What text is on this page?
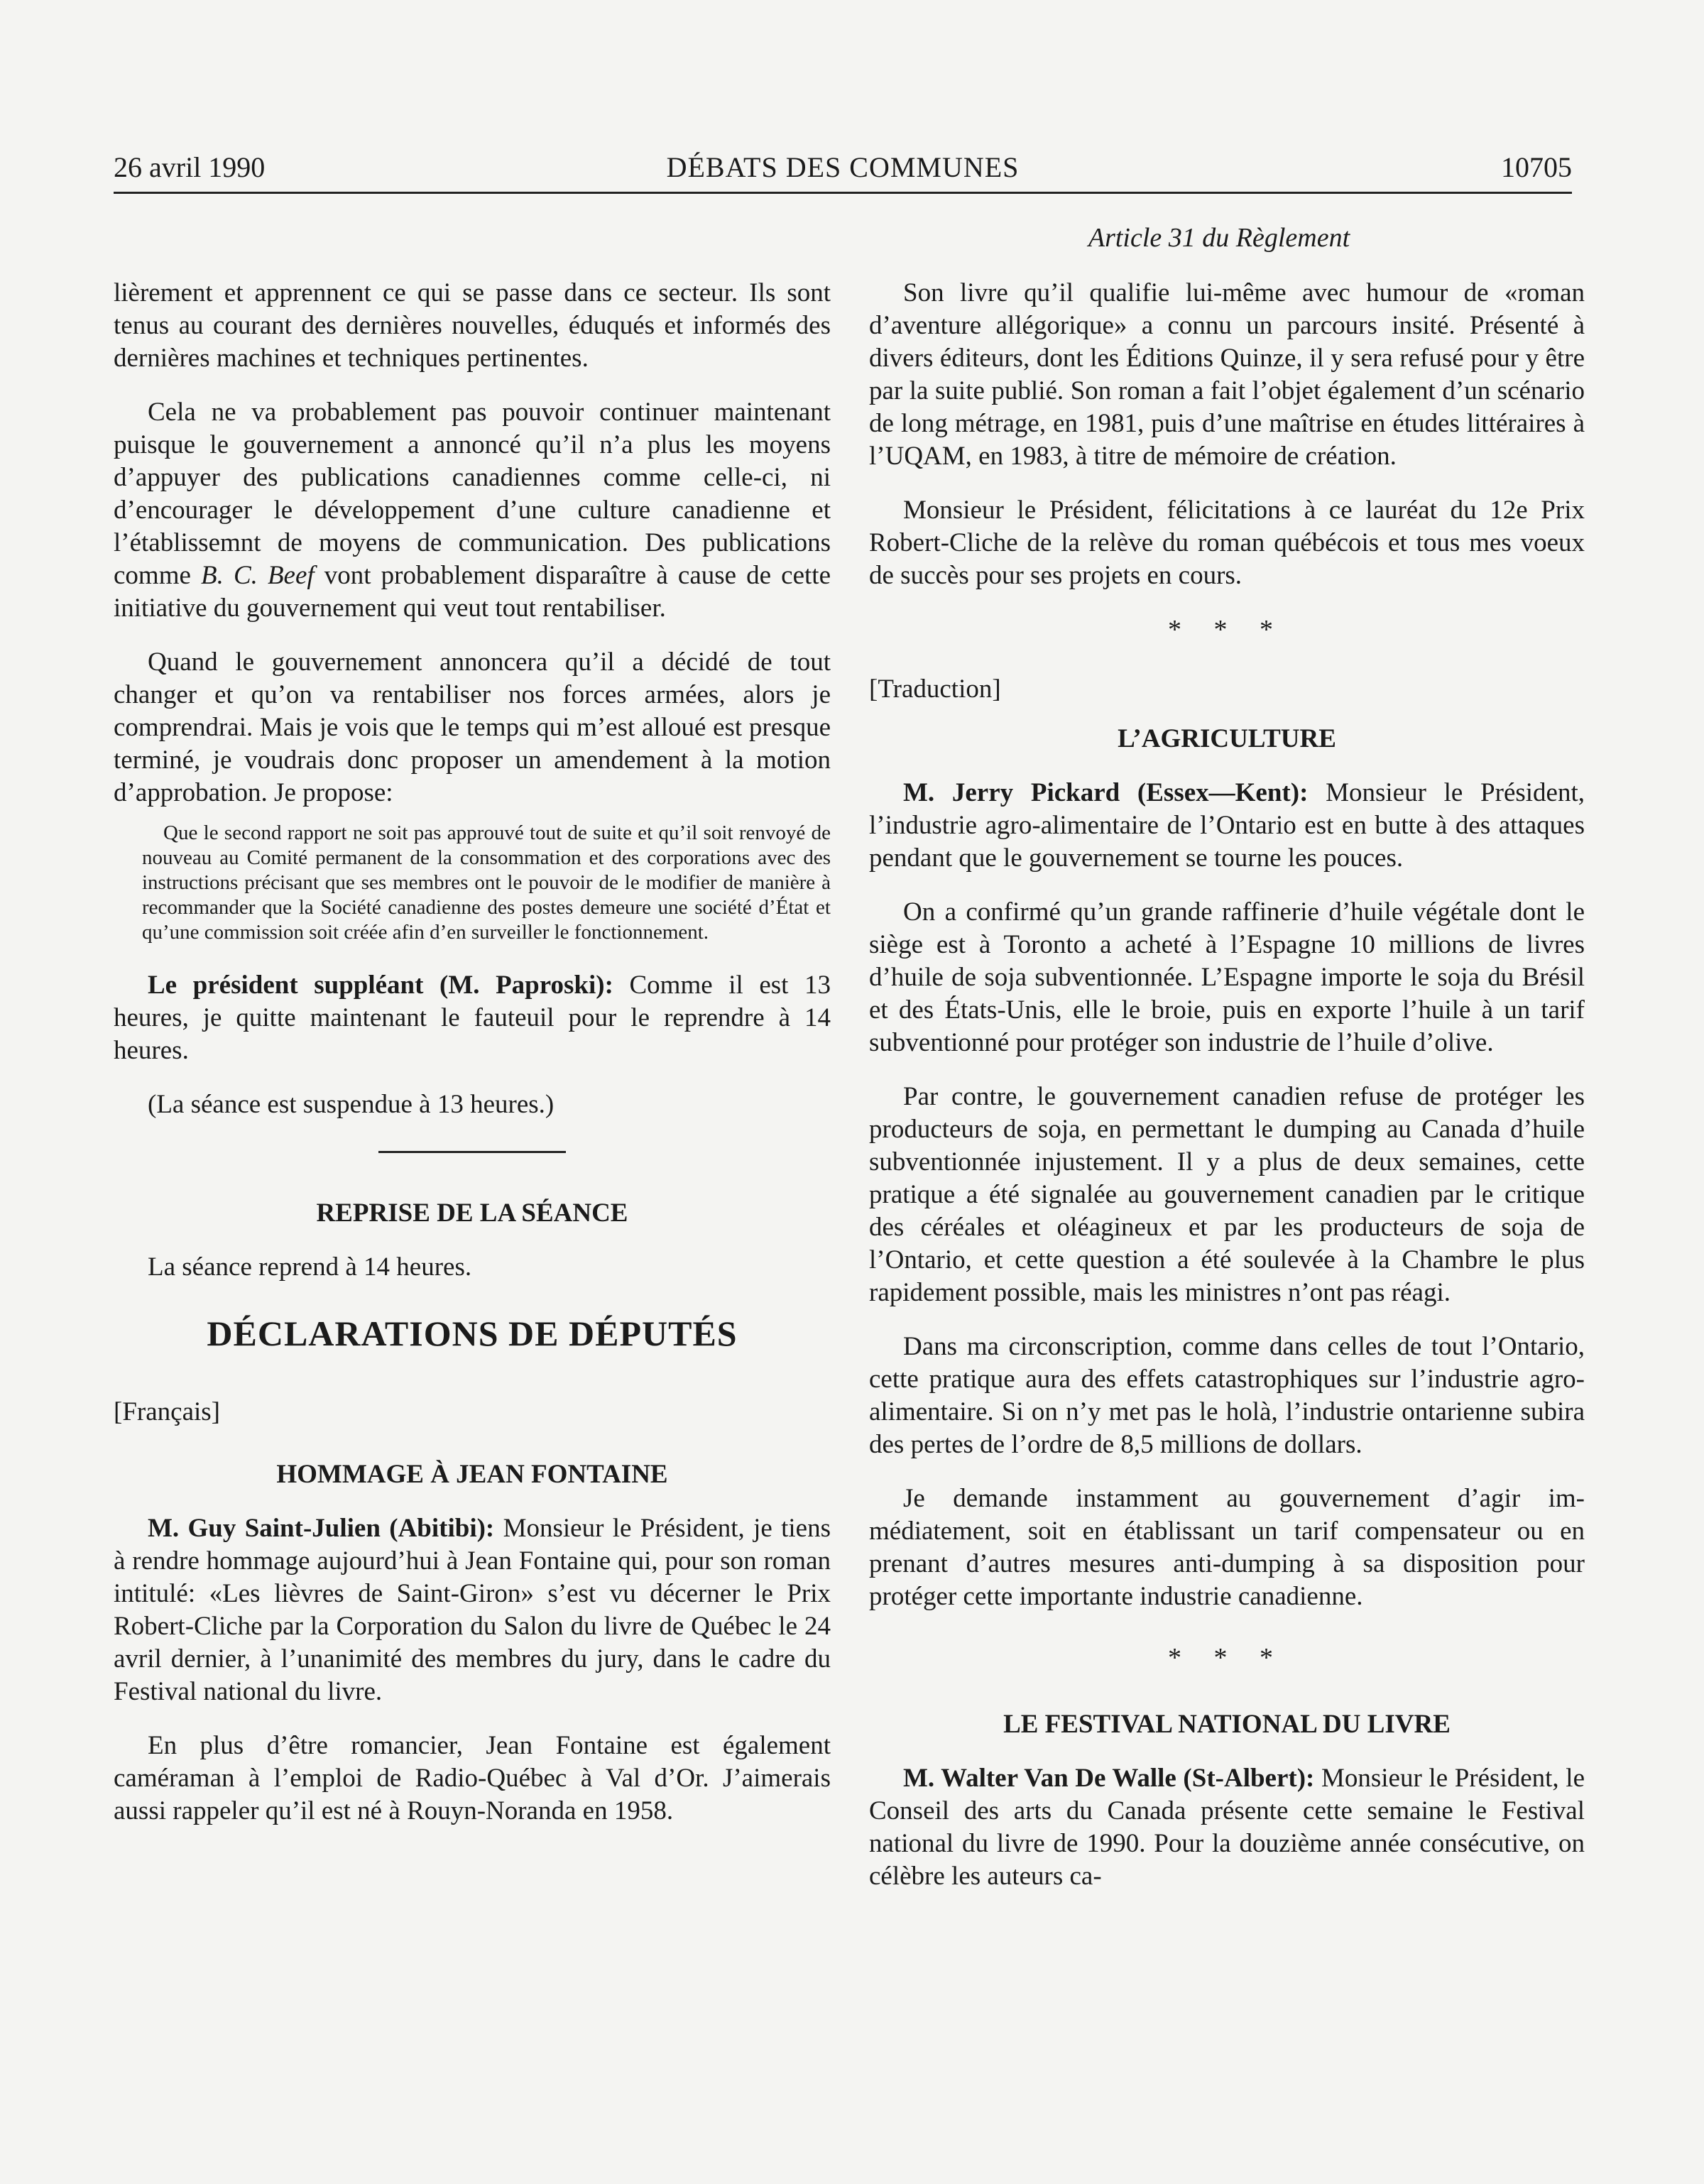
26 avril 1990	DÉBATS DES COMMUNES	10705
Article 31 du Règlement

lièrement et apprennent ce qui se passe dans ce secteur. Ils sont tenus au courant des dernières nouvelles, éduqués et informés des dernières machines et techniques pertinentes.

Cela ne va probablement pas pouvoir continuer maintenant puisque le gouvernement a annoncé qu’il n’a plus les moyens d’appuyer des publications canadiennes comme celle-ci, ni d’encourager le développement d’une culture canadienne et l’établissemnt de moyens de communication. Des publications comme B. C. Beef vont probablement disparaître à cause de cette initiative du gouvernement qui veut tout rentabiliser.

Quand le gouvernement annoncera qu’il a décidé de tout changer et qu’on va rentabiliser nos forces armées, alors je comprendrai. Mais je vois que le temps qui m’est alloué est presque terminé, je voudrais donc proposer un amendement à la motion d’approbation. Je propose:

Que le second rapport ne soit pas approuvé tout de suite et qu’il soit renvoyé de nouveau au Comité permanent de la consommation et des corporations avec des instructions précisant que ses membres ont le pouvoir de le modifier de manière à recommander que la Société canadienne des postes demeure une société d’État et qu’une commission soit créée afin d’en surveiller le fonctionnement.

Le président suppléant (M. Paproski): Comme il est 13 heures, je quitte maintenant le fauteuil pour le reprendre à 14 heures.

(La séance est suspendue à 13 heures.)

REPRISE DE LA SÉANCE

La séance reprend à 14 heures.

DÉCLARATIONS DE DÉPUTÉS

[Français]

HOMMAGE À JEAN FONTAINE

M. Guy Saint-Julien (Abitibi): Monsieur le Président, je tiens à rendre hommage aujourd’hui à Jean Fontaine qui, pour son roman intitulé: «Les lièvres de Saint-Giron» s’est vu décerner le Prix Robert-Cliche par la Corporation du Salon du livre de Québec le 24 avril dernier, à l’unanimité des membres du jury, dans le cadre du Festival national du livre.

En plus d’être romancier, Jean Fontaine est également caméraman à l’emploi de Radio-Québec à Val d’Or. J’aimerais aussi rappeler qu’il est né à Rouyn-Noranda en 1958.

Son livre qu’il qualifie lui-même avec humour de «roman d’aventure allégorique» a connu un parcours insité. Présenté à divers éditeurs, dont les Éditions Quinze, il y sera refusé pour y être par la suite publié. Son roman a fait l’objet également d’un scénario de long métrage, en 1981, puis d’une maîtrise en études littéraires à l’UQAM, en 1983, à titre de mémoire de création.

Monsieur le Président, félicitations à ce lauréat du 12e Prix Robert-Cliche de la relève du roman québécois et tous mes voeux de succès pour ses projets en cours.

* * *

[Traduction]

L’AGRICULTURE

M. Jerry Pickard (Essex—Kent): Monsieur le Président, l’industrie agro-alimentaire de l’Ontario est en butte à des attaques pendant que le gouvernement se tourne les pouces.

On a confirmé qu’un grande raffinerie d’huile végétale dont le siège est à Toronto a acheté à l’Espagne 10 millions de livres d’huile de soja subventionnée. L’Espagne importe le soja du Brésil et des États-Unis, elle le broie, puis en exporte l’huile à un tarif subventionné pour protéger son industrie de l’huile d’olive.

Par contre, le gouvernement canadien refuse de protéger les producteurs de soja, en permettant le dumping au Canada d’huile subventionnée injustement. Il y a plus de deux semaines, cette pratique a été signalée au gouvernement canadien par le critique des céréales et oléagineux et par les producteurs de soja de l’Ontario, et cette question a été soulevée à la Chambre le plus rapidement possible, mais les ministres n’ont pas réagi.

Dans ma circonscription, comme dans celles de tout l’Ontario, cette pratique aura des effets catastrophiques sur l’industrie agro-alimentaire. Si on n’y met pas le holà, l’industrie ontarienne subira des pertes de l’ordre de 8,5 millions de dollars.

Je demande instamment au gouvernement d’agir immédiatement, soit en établissant un tarif compensateur ou en prenant d’autres mesures anti-dumping à sa disposition pour protéger cette importante industrie canadienne.

* * *
LE FESTIVAL NATIONAL DU LIVRE

M. Walter Van De Walle (St-Albert): Monsieur le Président, le Conseil des arts du Canada présente cette semaine le Festival national du livre de 1990. Pour la douzième année consécutive, on célèbre les auteurs ca-
